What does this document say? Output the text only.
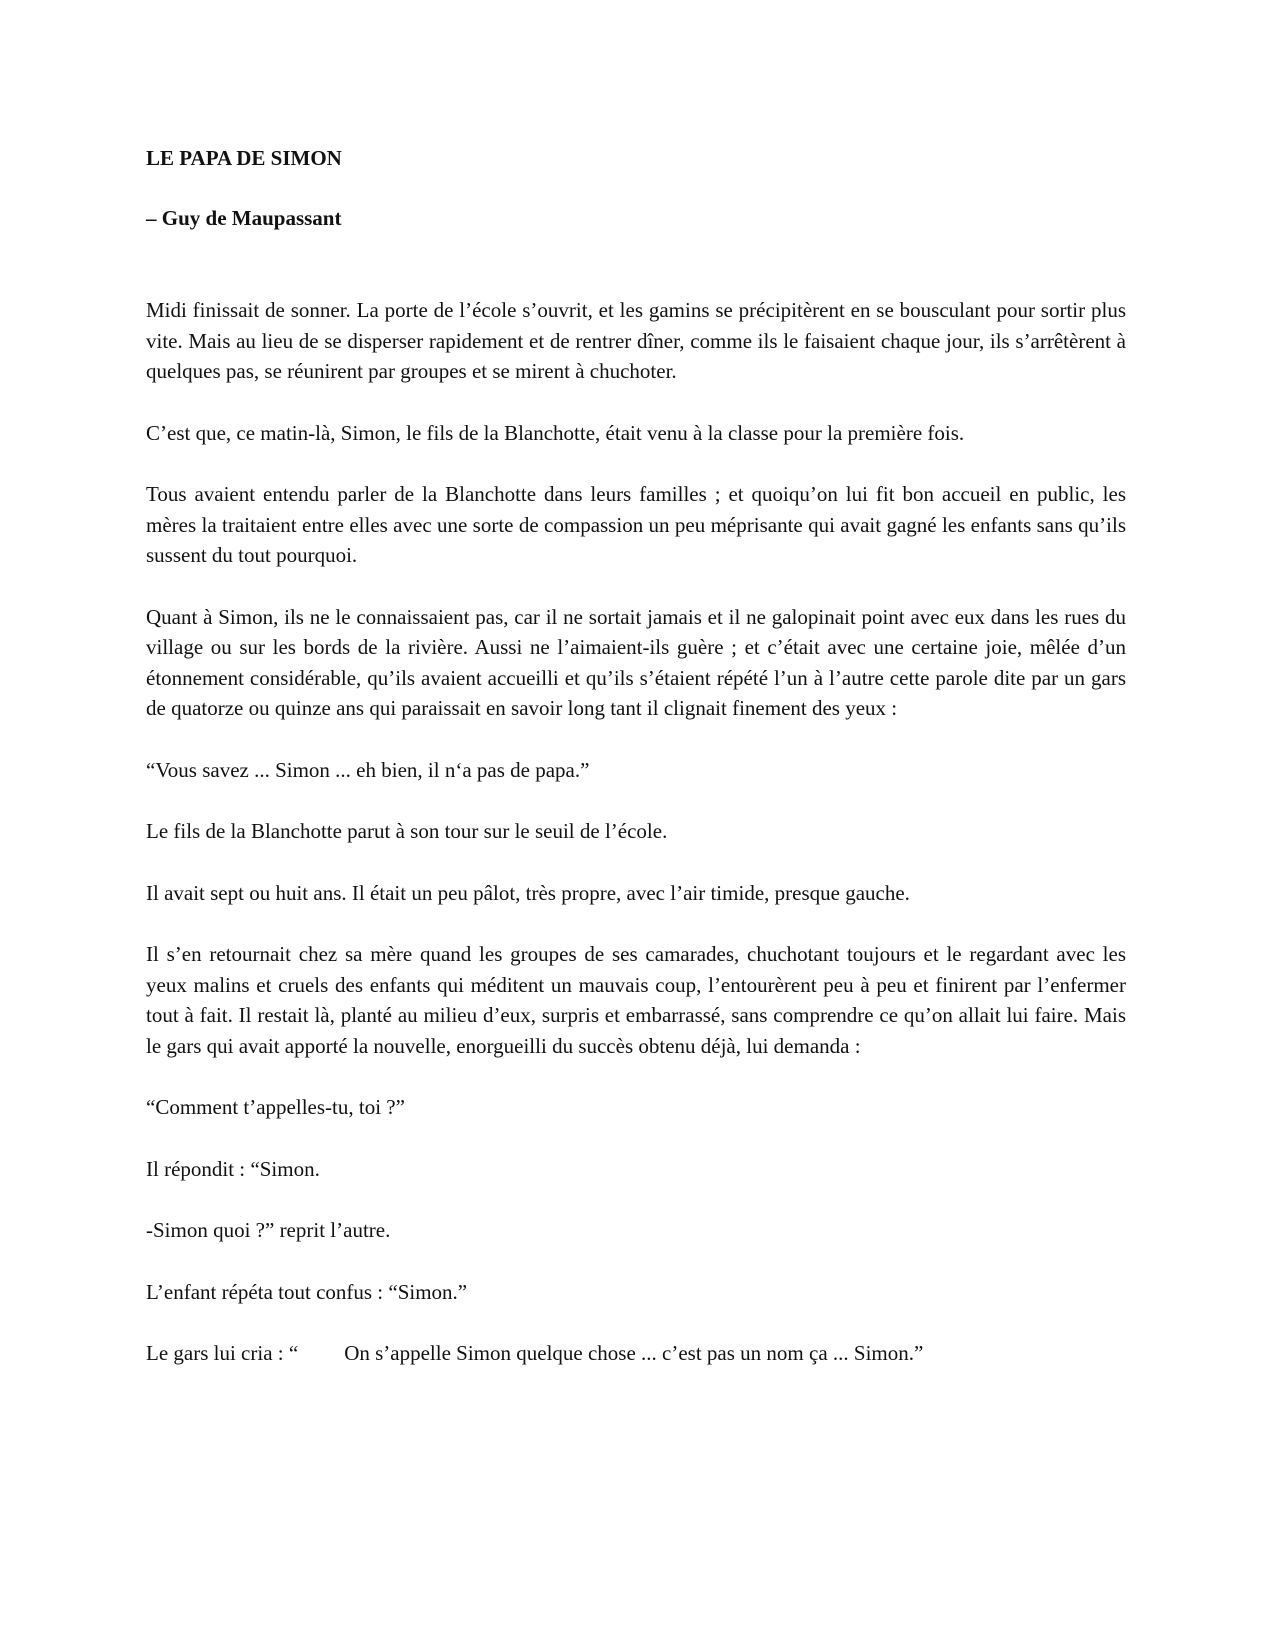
LE PAPA DE SIMON
– Guy de Maupassant

Midi finissait de sonner. La porte de l’école s’ouvrit, et les gamins se précipitèrent en se bousculant pour sortir plus vite. Mais au lieu de se disperser rapidement et de rentrer dîner, comme ils le faisaient chaque jour, ils s’arrêtèrent à quelques pas, se réunirent par groupes et se mirent à chuchoter.

C’est que, ce matin-là, Simon, le fils de la Blanchotte, était venu à la classe pour la première fois.

Tous avaient entendu parler de la Blanchotte dans leurs familles ; et quoiqu’on lui fit bon accueil en public, les mères la traitaient entre elles avec une sorte de compassion un peu méprisante qui avait gagné les enfants sans qu’ils sussent du tout pourquoi.

Quant à Simon, ils ne le connaissaient pas, car il ne sortait jamais et il ne galopinait point avec eux dans les rues du village ou sur les bords de la rivière. Aussi ne l’aimaient-ils guère ; et c’était avec une certaine joie, mêlée d’un étonnement considérable, qu’ils avaient accueilli et qu’ils s’étaient répété l’un à l’autre cette parole dite par un gars de quatorze ou quinze ans qui paraissait en savoir long tant il clignait finement des yeux :

“Vous savez ... Simon ... eh bien, il n‘a pas de papa.”

Le fils de la Blanchotte parut à son tour sur le seuil de l’école.

Il avait sept ou huit ans. Il était un peu pâlot, très propre, avec l’air timide, presque gauche.

Il s’en retournait chez sa mère quand les groupes de ses camarades, chuchotant toujours et le regardant avec les yeux malins et cruels des enfants qui méditent un mauvais coup, l’entourèrent peu à peu et finirent par l’enfermer tout à fait. Il restait là, planté au milieu d’eux, surpris et embarrassé, sans comprendre ce qu’on allait lui faire. Mais le gars qui avait apporté la nouvelle, enorgueilli du succès obtenu déjà, lui demanda :

“Comment t’appelles-tu, toi ?”

Il répondit : “Simon.

-Simon quoi ?” reprit l’autre.

L’enfant répéta tout confus : “Simon.”

Le gars lui cria : “ On s’appelle Simon quelque chose ... c’est pas un nom ça ... Simon.”
